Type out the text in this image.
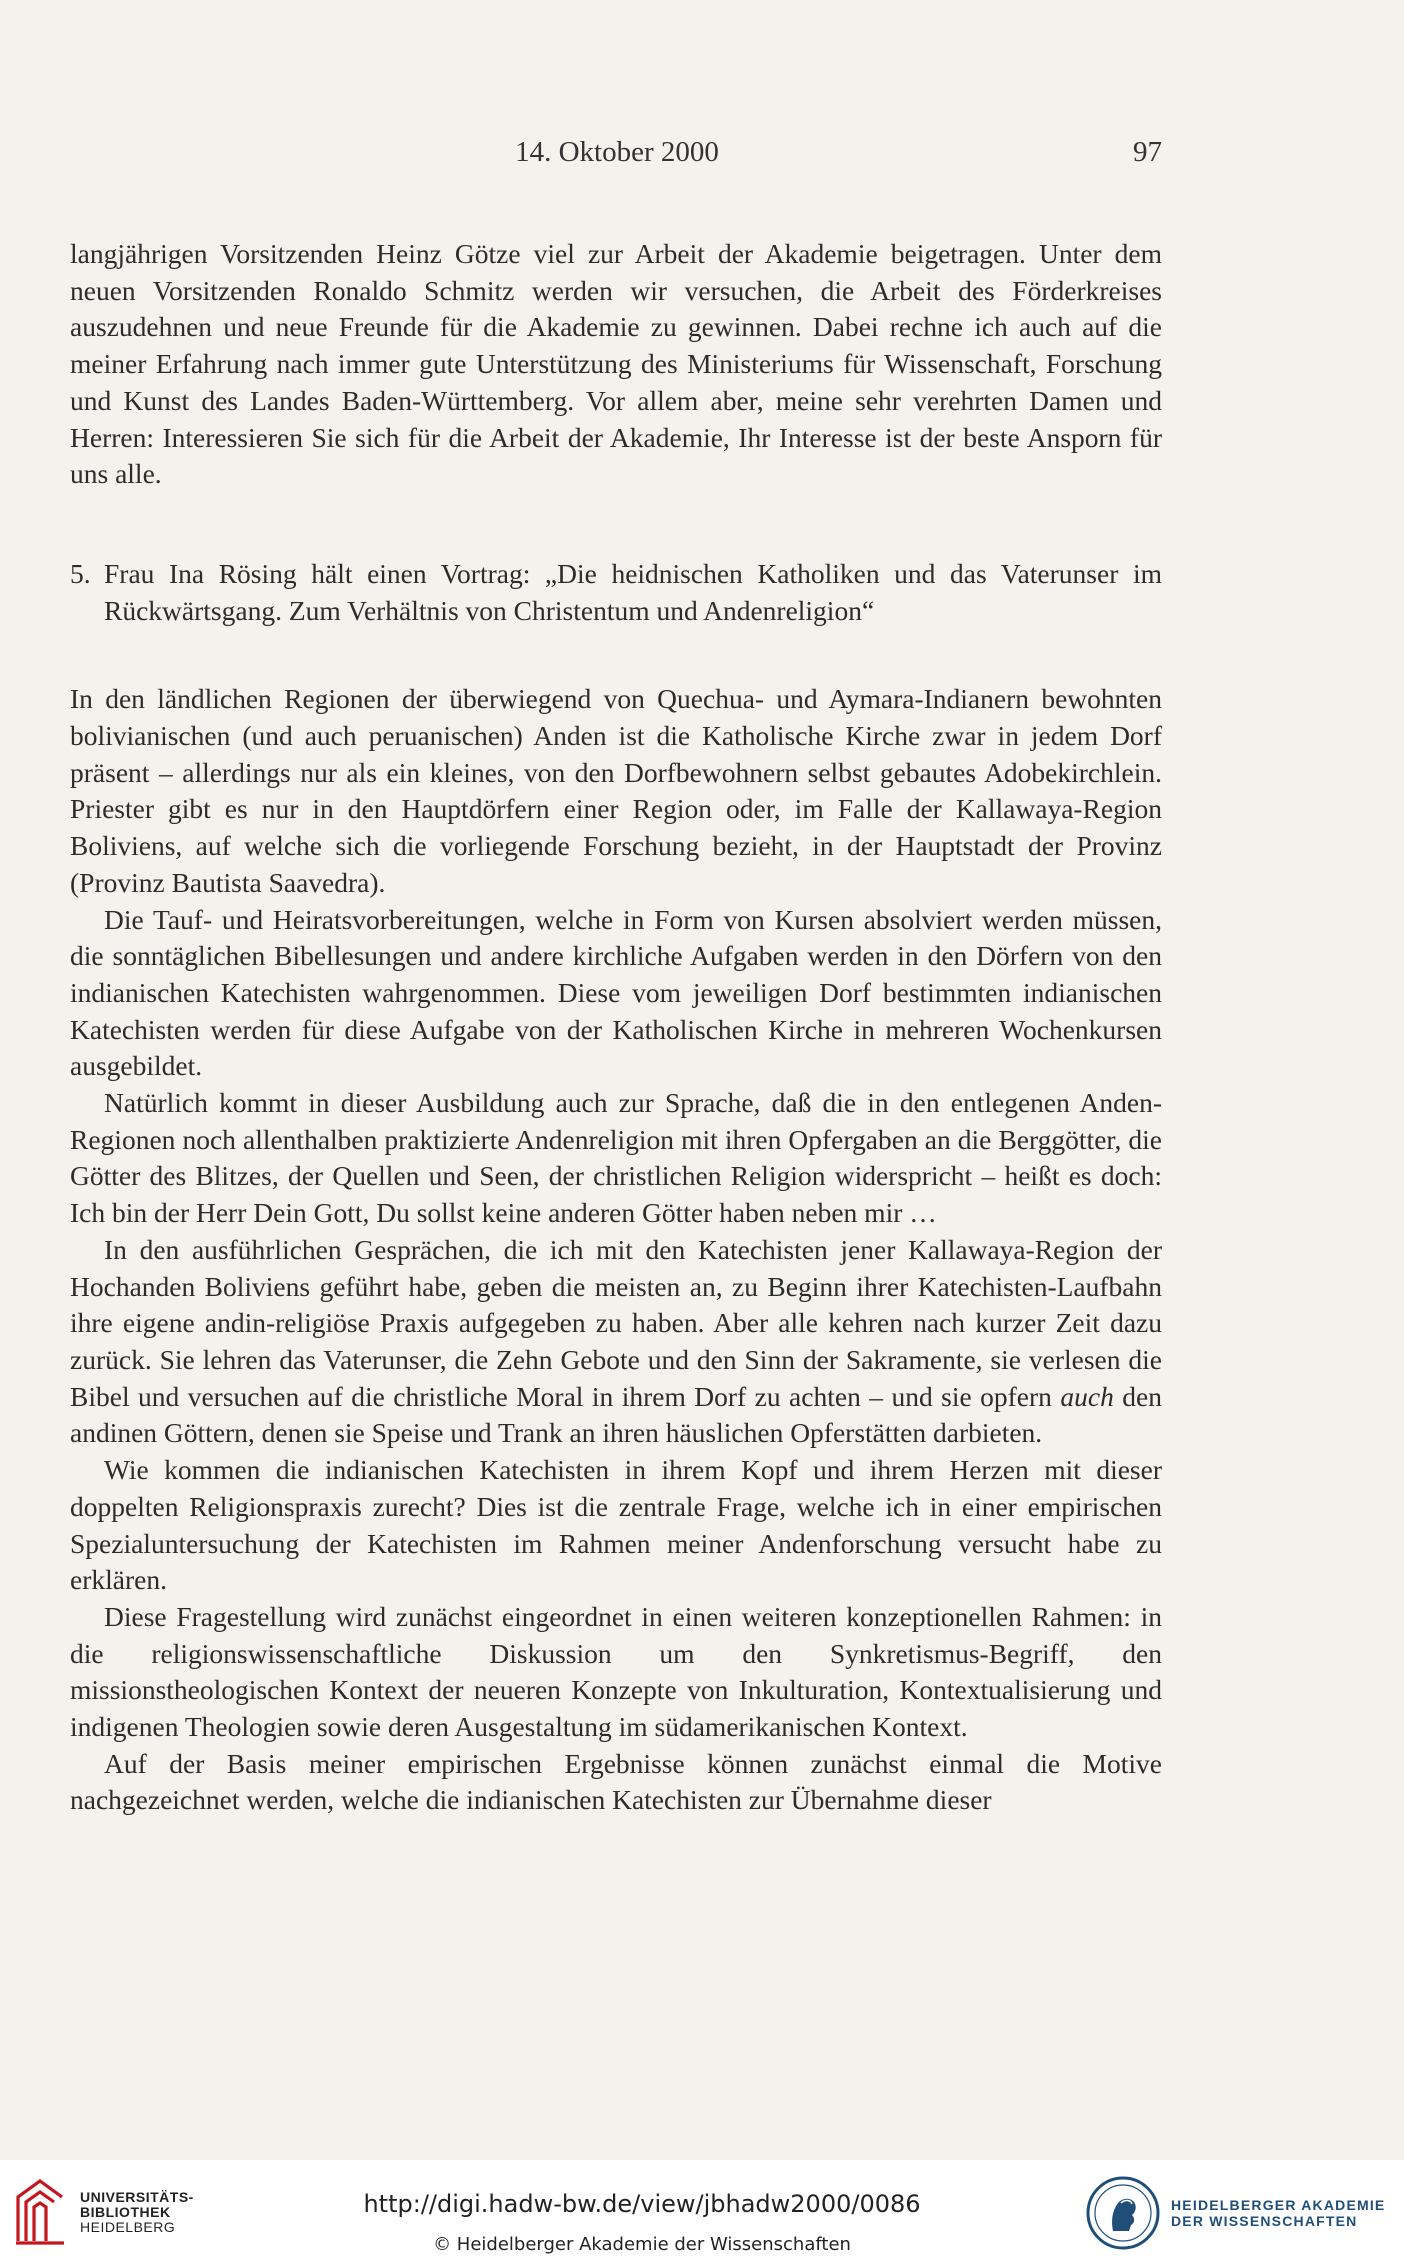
14. Oktober 2000	97

langjährigen Vorsitzenden Heinz Götze viel zur Arbeit der Akademie beigetragen. Unter dem neuen Vorsitzenden Ronaldo Schmitz werden wir versuchen, die Arbeit des Förderkreises auszudehnen und neue Freunde für die Akademie zu gewinnen. Dabei rechne ich auch auf die meiner Erfahrung nach immer gute Unterstützung des Ministeriums für Wissenschaft, Forschung und Kunst des Landes Baden-Württemberg. Vor allem aber, meine sehr verehrten Damen und Herren: Interessieren Sie sich für die Arbeit der Akademie, Ihr Interesse ist der beste Ansporn für uns alle.

5. Frau Ina Rösing hält einen Vortrag: „Die heidnischen Katholiken und das Vaterunser im Rückwärtsgang. Zum Verhältnis von Christentum und Andenreligion“

In den ländlichen Regionen der überwiegend von Quechua- und Aymara-Indianern bewohnten bolivianischen (und auch peruanischen) Anden ist die Katholische Kirche zwar in jedem Dorf präsent – allerdings nur als ein kleines, von den Dorfbewohnern selbst gebautes Adobekirchlein. Priester gibt es nur in den Hauptdörfern einer Region oder, im Falle der Kallawaya-Region Boliviens, auf welche sich die vorliegende Forschung bezieht, in der Hauptstadt der Provinz (Provinz Bautista Saavedra).

Die Tauf- und Heiratsvorbereitungen, welche in Form von Kursen absolviert werden müssen, die sonntäglichen Bibellesungen und andere kirchliche Aufgaben werden in den Dörfern von den indianischen Katechisten wahrgenommen. Diese vom jeweiligen Dorf bestimmten indianischen Katechisten werden für diese Aufgabe von der Katholischen Kirche in mehreren Wochenkursen ausgebildet.

Natürlich kommt in dieser Ausbildung auch zur Sprache, daß die in den entlegenen Anden-Regionen noch allenthalben praktizierte Andenreligion mit ihren Opfergaben an die Berggötter, die Götter des Blitzes, der Quellen und Seen, der christlichen Religion widerspricht – heißt es doch: Ich bin der Herr Dein Gott, Du sollst keine anderen Götter haben neben mir …

In den ausführlichen Gesprächen, die ich mit den Katechisten jener Kallawaya-Region der Hochanden Boliviens geführt habe, geben die meisten an, zu Beginn ihrer Katechisten-Laufbahn ihre eigene andin-religiöse Praxis aufgegeben zu haben. Aber alle kehren nach kurzer Zeit dazu zurück. Sie lehren das Vaterunser, die Zehn Gebote und den Sinn der Sakramente, sie verlesen die Bibel und versuchen auf die christliche Moral in ihrem Dorf zu achten – und sie opfern auch den andinen Göttern, denen sie Speise und Trank an ihren häuslichen Opferstätten darbieten.

Wie kommen die indianischen Katechisten in ihrem Kopf und ihrem Herzen mit dieser doppelten Religionspraxis zurecht? Dies ist die zentrale Frage, welche ich in einer empirischen Spezialuntersuchung der Katechisten im Rahmen meiner Andenforschung versucht habe zu erklären.

Diese Fragestellung wird zunächst eingeordnet in einen weiteren konzeptionellen Rahmen: in die religionswissenschaftliche Diskussion um den Synkretismus-Begriff, den missionstheologischen Kontext der neueren Konzepte von Inkulturation, Kontextualisierung und indigenen Theologien sowie deren Ausgestaltung im südamerikanischen Kontext.

Auf der Basis meiner empirischen Ergebnisse können zunächst einmal die Motive nachgezeichnet werden, welche die indianischen Katechisten zur Übernahme dieser

UNIVERSITÄTS-
BIBLIOTHEK
HEIDELBERG
http://digi.hadw-bw.de/view/jbhadw2000/0086
© Heidelberger Akademie der Wissenschaften
HEIDELBERGER AKADEMIE
DER WISSENSCHAFTEN
